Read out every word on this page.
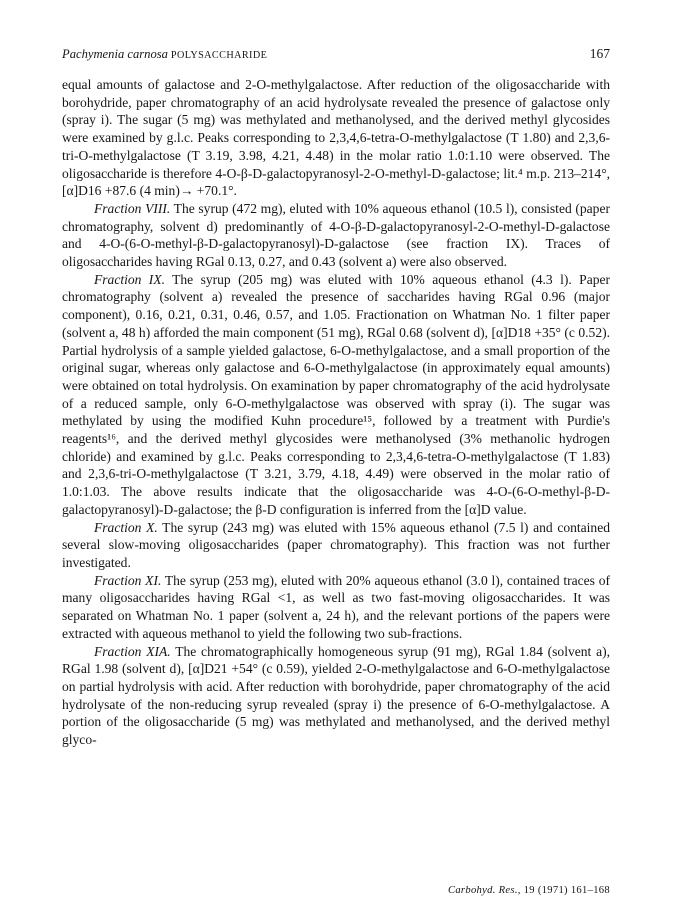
Pachymenia carnosa POLYSACCHARIDE	167

equal amounts of galactose and 2-O-methylgalactose. After reduction of the oligosaccharide with borohydride, paper chromatography of an acid hydrolysate revealed the presence of galactose only (spray i). The sugar (5 mg) was methylated and methanolysed, and the derived methyl glycosides were examined by g.l.c. Peaks corresponding to 2,3,4,6-tetra-O-methylgalactose (T 1.80) and 2,3,6-tri-O-methylgalactose (T 3.19, 3.98, 4.21, 4.48) in the molar ratio 1.0:1.10 were observed. The oligosaccharide is therefore 4-O-β-D-galactopyranosyl-2-O-methyl-D-galactose; lit.⁴ m.p. 213–214°, [α]D16 +87.6 (4 min)→ +70.1°.

Fraction VIII. The syrup (472 mg), eluted with 10% aqueous ethanol (10.5 l), consisted (paper chromatography, solvent d) predominantly of 4-O-β-D-galactopyranosyl-2-O-methyl-D-galactose and 4-O-(6-O-methyl-β-D-galactopyranosyl)-D-galactose (see fraction IX). Traces of oligosaccharides having RGal 0.13, 0.27, and 0.43 (solvent a) were also observed.

Fraction IX. The syrup (205 mg) was eluted with 10% aqueous ethanol (4.3 l). Paper chromatography (solvent a) revealed the presence of saccharides having RGal 0.96 (major component), 0.16, 0.21, 0.31, 0.46, 0.57, and 1.05. Fractionation on Whatman No. 1 filter paper (solvent a, 48 h) afforded the main component (51 mg), RGal 0.68 (solvent d), [α]D18 +35° (c 0.52). Partial hydrolysis of a sample yielded galactose, 6-O-methylgalactose, and a small proportion of the original sugar, whereas only galactose and 6-O-methylgalactose (in approximately equal amounts) were obtained on total hydrolysis. On examination by paper chromatography of the acid hydrolysate of a reduced sample, only 6-O-methylgalactose was observed with spray (i). The sugar was methylated by using the modified Kuhn procedure¹⁵, followed by a treatment with Purdie's reagents¹⁶, and the derived methyl glycosides were methanolysed (3% methanolic hydrogen chloride) and examined by g.l.c. Peaks corresponding to 2,3,4,6-tetra-O-methylgalactose (T 1.83) and 2,3,6-tri-O-methylgalactose (T 3.21, 3.79, 4.18, 4.49) were observed in the molar ratio of 1.0:1.03. The above results indicate that the oligosaccharide was 4-O-(6-O-methyl-β-D-galactopyranosyl)-D-galactose; the β-D configuration is inferred from the [α]D value.

Fraction X. The syrup (243 mg) was eluted with 15% aqueous ethanol (7.5 l) and contained several slow-moving oligosaccharides (paper chromatography). This fraction was not further investigated.

Fraction XI. The syrup (253 mg), eluted with 20% aqueous ethanol (3.0 l), contained traces of many oligosaccharides having RGal <1, as well as two fast-moving oligosaccharides. It was separated on Whatman No. 1 paper (solvent a, 24 h), and the relevant portions of the papers were extracted with aqueous methanol to yield the following two sub-fractions.

Fraction XIA. The chromatographically homogeneous syrup (91 mg), RGal 1.84 (solvent a), RGal 1.98 (solvent d), [α]D21 +54° (c 0.59), yielded 2-O-methylgalactose and 6-O-methylgalactose on partial hydrolysis with acid. After reduction with borohydride, paper chromatography of the acid hydrolysate of the non-reducing syrup revealed (spray i) the presence of 6-O-methylgalactose. A portion of the oligosaccharide (5 mg) was methylated and methanolysed, and the derived methyl glyco-

Carbohyd. Res., 19 (1971) 161–168
